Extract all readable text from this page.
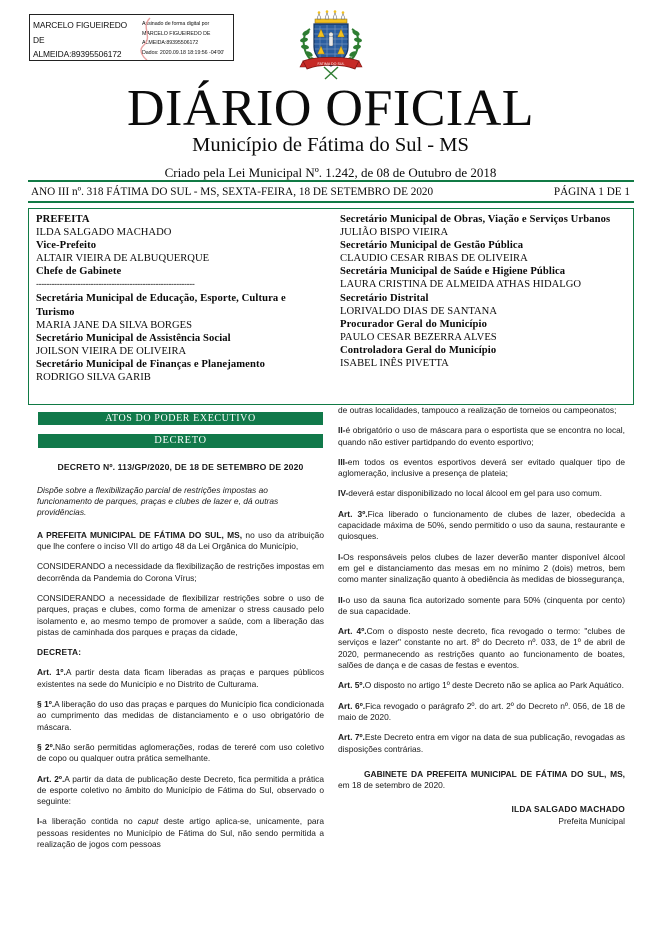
MARCELO FIGUEIREDO
DE
ALMEIDA:89395506172
Assinado de forma digital por
MARCELO FIGUEIREDO DE
ALMEIDA:89395506172
Dados: 2020.09.18 18:19:56 -04'00'
FATIMA DO SUL
DIÁRIO OFICIAL
Município de Fátima do Sul - MS
Criado pela Lei Municipal Nº. 1.242, de 08 de Outubro de 2018
ANO III nº. 318 FÁTIMA DO SUL - MS, SEXTA-FEIRA, 18 DE SETEMBRO DE 2020	PÁGINA 1 DE 1
PREFEITA
ILDA SALGADO MACHADO
Vice-Prefeito
ALTAIR VIEIRA DE ALBUQUERQUE
Chefe de Gabinete
-------------------------------------------------------------
Secretária Municipal de Educação, Esporte, Cultura e Turismo
MARIA JANE DA SILVA BORGES
Secretário Municipal de Assistência Social
JOILSON VIEIRA DE OLIVEIRA
Secretário Municipal de Finanças e Planejamento
RODRIGO SILVA GARIB
Secretário Municipal de Obras, Viação e Serviços Urbanos
JULIÃO BISPO VIEIRA
Secretário Municipal de Gestão Pública
CLAUDIO CESAR RIBAS DE OLIVEIRA
Secretária Municipal de Saúde e Higiene Pública
LAURA CRISTINA DE ALMEIDA ATHAS HIDALGO
Secretário Distrital
LORIVALDO DIAS DE SANTANA
Procurador Geral do Município
PAULO CESAR BEZERRA ALVES
Controladora Geral do Município
ISABEL INÊS PIVETTA
ATOS DO PODER EXECUTIVO
DECRETO
DECRETO Nº. 113/GP/2020, DE 18 DE SETEMBRO DE 2020
Dispõe sobre a flexibilização parcial de restrições impostas ao funcionamento de parques, praças e clubes de lazer e, dá outras providências.
A PREFEITA MUNICIPAL DE FÁTIMA DO SUL, MS, no uso da atribuição que lhe confere o inciso VII do artigo 48 da Lei Orgânica do Município,
CONSIDERANDO a necessidade da flexibilização de restrições impostas em decorrênda da Pandemia do Corona Vírus;
CONSIDERANDO a necessidade de flexibilizar restrições sobre o uso de parques, praças e clubes, como forma de amenizar o stress causado pelo isolamento e, ao mesmo tempo de promover a saúde, com a liberação das pistas de caminhada dos parques e praças da cidade,
DECRETA:
Art. 1º.A partir desta data ficam liberadas as praças e parques públicos existentes na sede do Município e no Distrito de Culturama.
§ 1º.A liberação do uso das praças e parques do Município fica condicionada ao cumprimento das medidas de distanciamento e o uso obrigatório de máscara.
§ 2º.Não serão permitidas aglomerações, rodas de tereré com uso coletivo de copo ou qualquer outra prática semelhante.
Art. 2º.A partir da data de publicação deste Decreto, fica permitida a prática de esporte coletivo no âmbito do Município de Fátima do Sul, observado o seguinte:
I-a liberação contida no caput deste artigo aplica-se, unicamente, para pessoas residentes no Município de Fátima do Sul, não sendo permitida a realização de jogos com pessoas
de outras localidades, tampouco a realização de torneios ou campeonatos;
II-é obrigatório o uso de máscara para o esportista que se encontra no local, quando não estiver partidpando do evento esportivo;
III-em todos os eventos esportivos deverá ser evitado qualquer tipo de aglomeração, inclusive a presença de plateia;
IV-deverá estar disponibilizado no local álcool em gel para uso comum.
Art. 3º.Fica liberado o funcionamento de clubes de lazer, obedecida a capacidade máxima de 50%, sendo permitido o uso da sauna, restaurante e quiosques.
I-Os responsáveis pelos clubes de lazer deverão manter disponível álcool em gel e distanciamento das mesas em no mínimo 2 (dois) metros, bem como manter sinalização quanto à obediência às medidas de biossegurança,
II-o uso da sauna fica autorizado somente para 50% (cinquenta por cento) de sua capacidade.
Art. 4º.Com o disposto neste decreto, fica revogado o termo: "clubes de serviços e lazer" constante no art. 8º do Decreto nº. 033, de 1º de abril de 2020, permanecendo as restrições quanto ao funcionamento de boates, salões de dança e de casas de festas e eventos.
Art. 5º.O disposto no artigo 1º deste Decreto não se aplica ao Park Aquático.
Art. 6º.Fica revogado o parágrafo 2º. do art. 2º do Decreto nº. 056, de 18 de maio de 2020.
Art. 7º.Este Decreto entra em vigor na data de sua publicação, revogadas as disposições contrárias.
GABINETE DA PREFEITA MUNICIPAL DE FÁTIMA DO SUL, MS, em 18 de setembro de 2020.
ILDA SALGADO MACHADO
Prefeita Municipal
